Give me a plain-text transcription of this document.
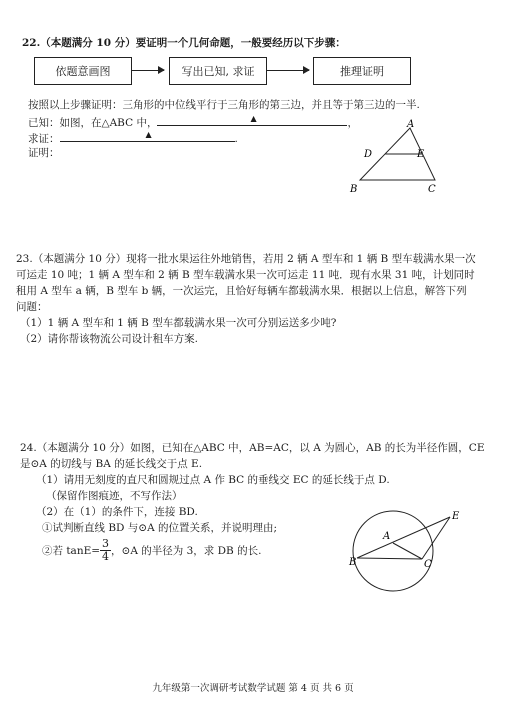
22.（本题满分 10 分）要证明一个几何命题，一般要经历以下步骤：
依题意画图	写出已知, 求证	推理证明
按照以上步骤证明：三角形的中位线平行于三角形的第三边，并且等于第三边的一半.
已知：如图，在△ABC 中，	▲	，
求证：	▲	.
证明：
A
D	E
B	C
23.（本题满分 10 分）现将一批水果运往外地销售，若用 2 辆 A 型车和 1 辆 B 型车载满水果一次
可运走 10 吨；1 辆 A 型车和 2 辆 B 型车载满水果一次可运走 11 吨．现有水果 31 吨，计划同时
租用 A 型车 a 辆，B 型车 b 辆，一次运完，且恰好每辆车都载满水果．根据以上信息，解答下列
问题：
（1）1 辆 A 型车和 1 辆 B 型车都载满水果一次可分别运送多少吨?
（2）请你帮该物流公司设计租车方案.
24.（本题满分 10 分）如图，已知在△ABC 中，AB=AC，以 A 为圆心，AB 的长为半径作圆，CE
是⊙A 的切线与 BA 的延长线交于点 E.
（1）请用无刻度的直尺和圆规过点 A 作 BC 的垂线交 EC 的延长线于点 D.
（保留作图痕迹，不写作法）
（2）在（1）的条件下，连接 BD.
①试判断直线 BD 与⊙A 的位置关系，并说明理由;
②若 $\tan E= \frac{3}{4}$ ，⊙A 的半径为 3，求 DB 的长.
A
B	C
E
九年级第一次调研考试数学试题 第 4 页 共 6 页
